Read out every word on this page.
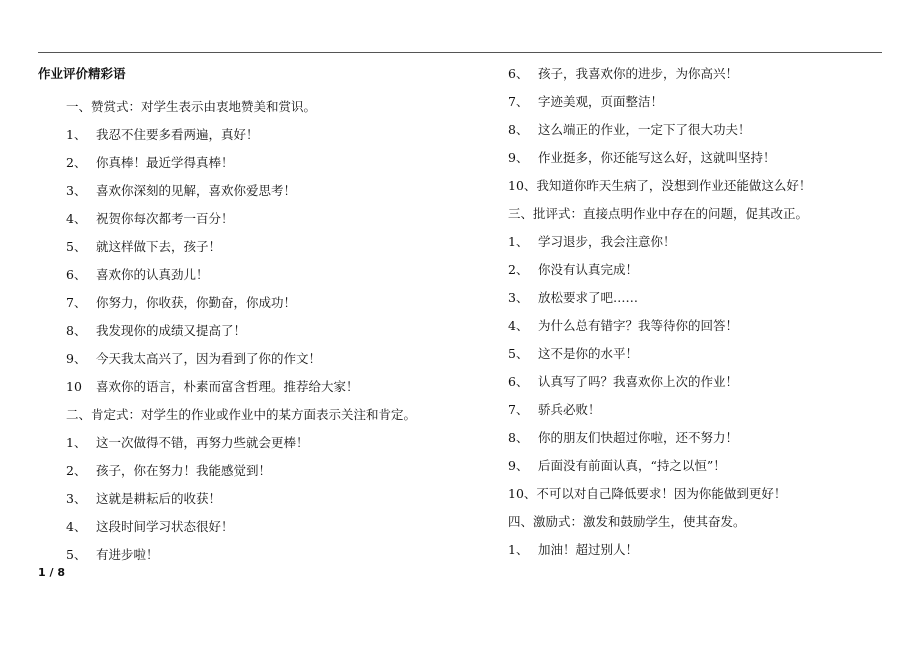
作业评价精彩语
一、赞赏式：对学生表示由衷地赞美和赏识。
1、 我忍不住要多看两遍，真好！
2、 你真棒！最近学得真棒！
3、 喜欢你深刻的见解，喜欢你爱思考！
4、 祝贺你每次都考一百分！
5、 就这样做下去，孩子！
6、 喜欢你的认真劲儿！
7、 你努力，你收获，你勤奋，你成功！
8、 我发现你的成绩又提高了！
9、 今天我太高兴了，因为看到了你的作文！
10 喜欢你的语言，朴素而富含哲理。推荐给大家！
二、肯定式：对学生的作业或作业中的某方面表示关注和肯定。
1、 这一次做得不错，再努力些就会更棒！
2、 孩子，你在努力！我能感觉到！
3、 这就是耕耘后的收获！
4、 这段时间学习状态很好！
5、 有进步啦！
6、 孩子，我喜欢你的进步，为你高兴！
7、 字迹美观，页面整洁！
8、 这么端正的作业，一定下了很大功夫！
9、 作业挺多，你还能写这么好，这就叫坚持！
10、我知道你昨天生病了，没想到作业还能做这么好！
三、批评式：直接点明作业中存在的问题，促其改正。
1、 学习退步，我会注意你！
2、 你没有认真完成！
3、 放松要求了吧……
4、 为什么总有错字？我等待你的回答！
5、 这不是你的水平！
6、 认真写了吗？我喜欢你上次的作业！
7、 骄兵必败！
8、 你的朋友们快超过你啦，还不努力！
9、 后面没有前面认真，“持之以恒”！
10、不可以对自己降低要求！因为你能做到更好！
四、激励式：激发和鼓励学生，使其奋发。
1、 加油！超过别人！
1 / 8
